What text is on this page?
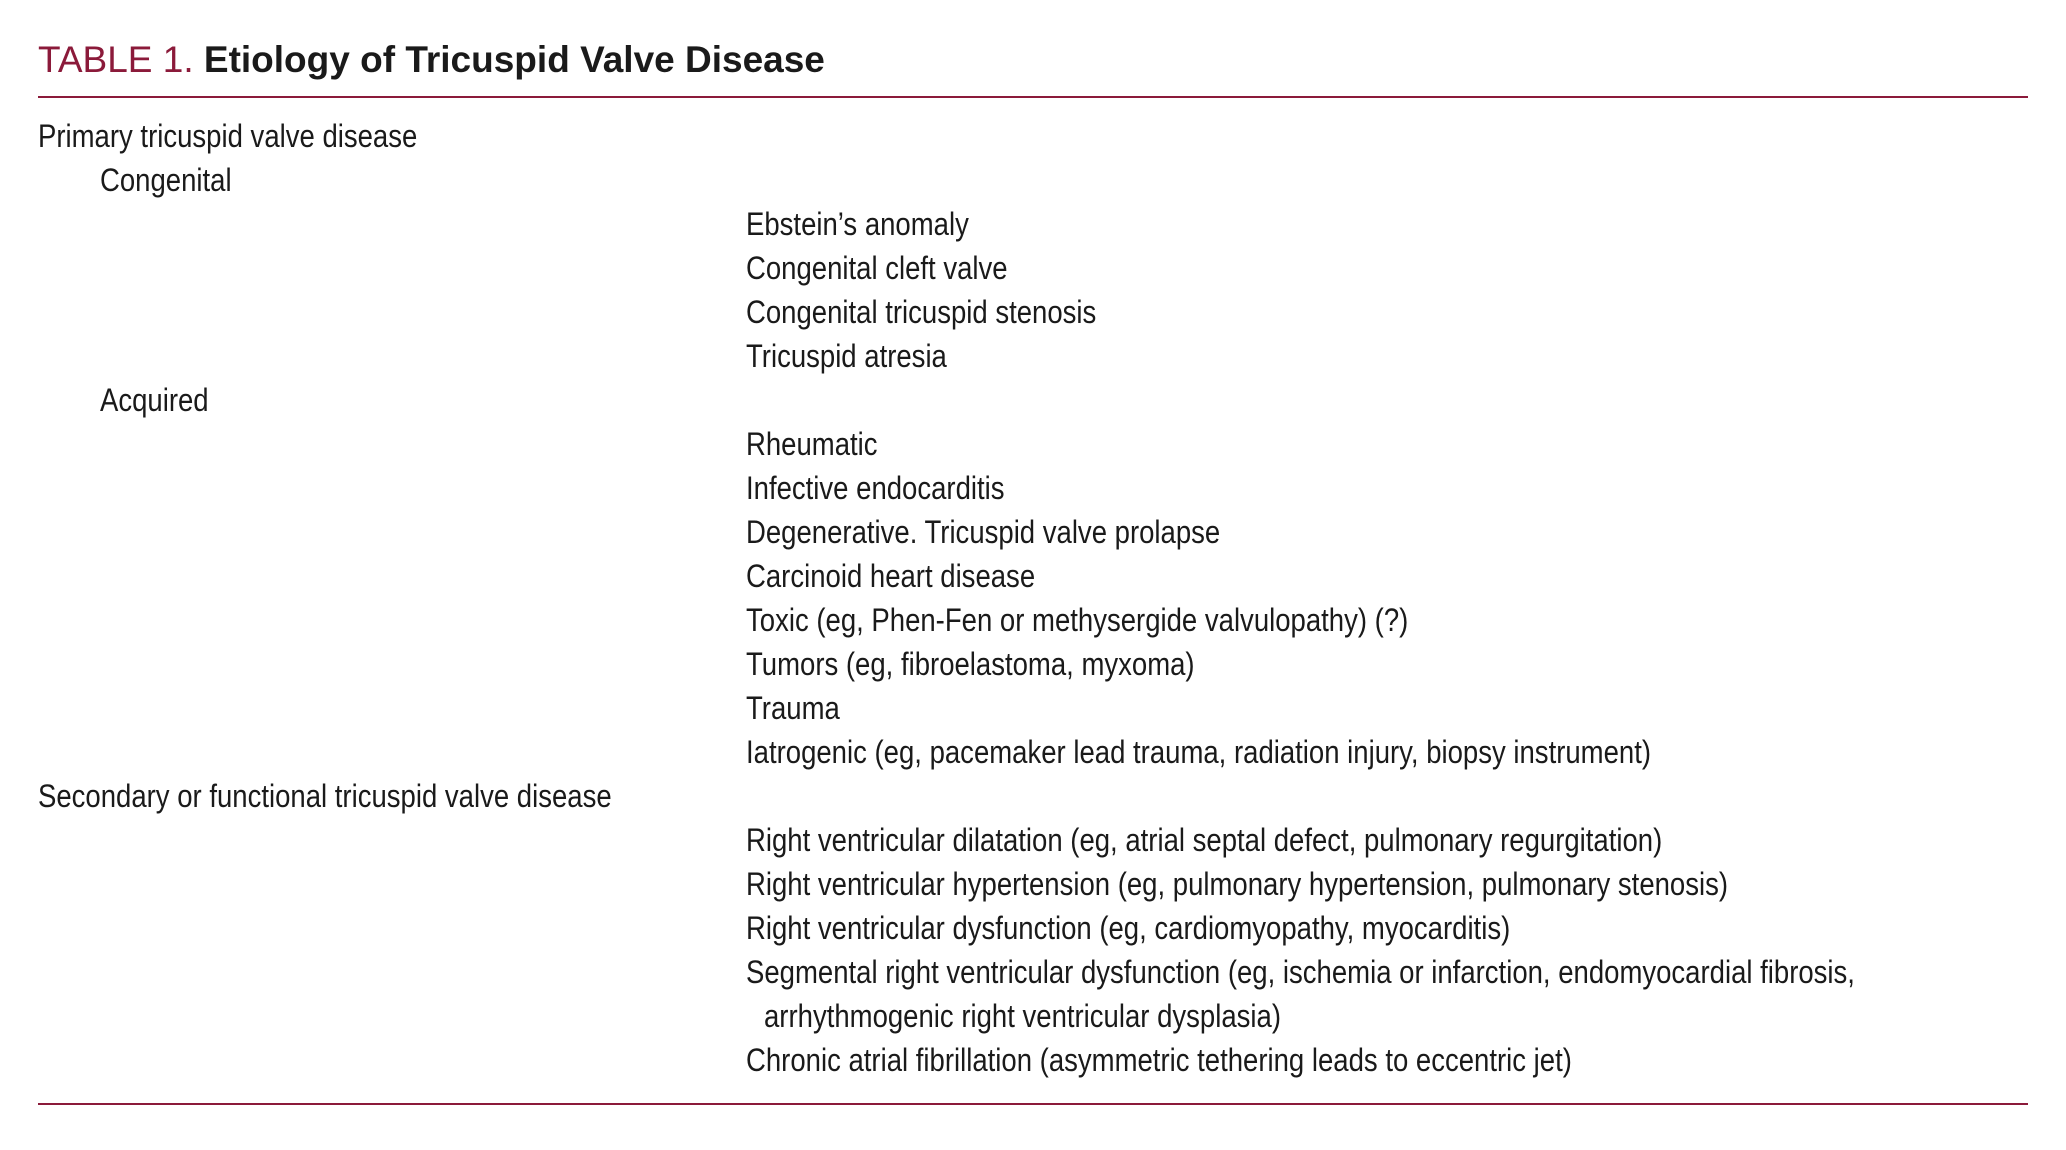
TABLE 1. Etiology of Tricuspid Valve Disease
Primary tricuspid valve disease
Congenital
Ebstein’s anomaly
Congenital cleft valve
Congenital tricuspid stenosis
Tricuspid atresia
Acquired
Rheumatic
Infective endocarditis
Degenerative. Tricuspid valve prolapse
Carcinoid heart disease
Toxic (eg, Phen-Fen or methysergide valvulopathy) (?)
Tumors (eg, fibroelastoma, myxoma)
Trauma
Iatrogenic (eg, pacemaker lead trauma, radiation injury, biopsy instrument)
Secondary or functional tricuspid valve disease
Right ventricular dilatation (eg, atrial septal defect, pulmonary regurgitation)
Right ventricular hypertension (eg, pulmonary hypertension, pulmonary stenosis)
Right ventricular dysfunction (eg, cardiomyopathy, myocarditis)
Segmental right ventricular dysfunction (eg, ischemia or infarction, endomyocardial fibrosis,
arrhythmogenic right ventricular dysplasia)
Chronic atrial fibrillation (asymmetric tethering leads to eccentric jet)
